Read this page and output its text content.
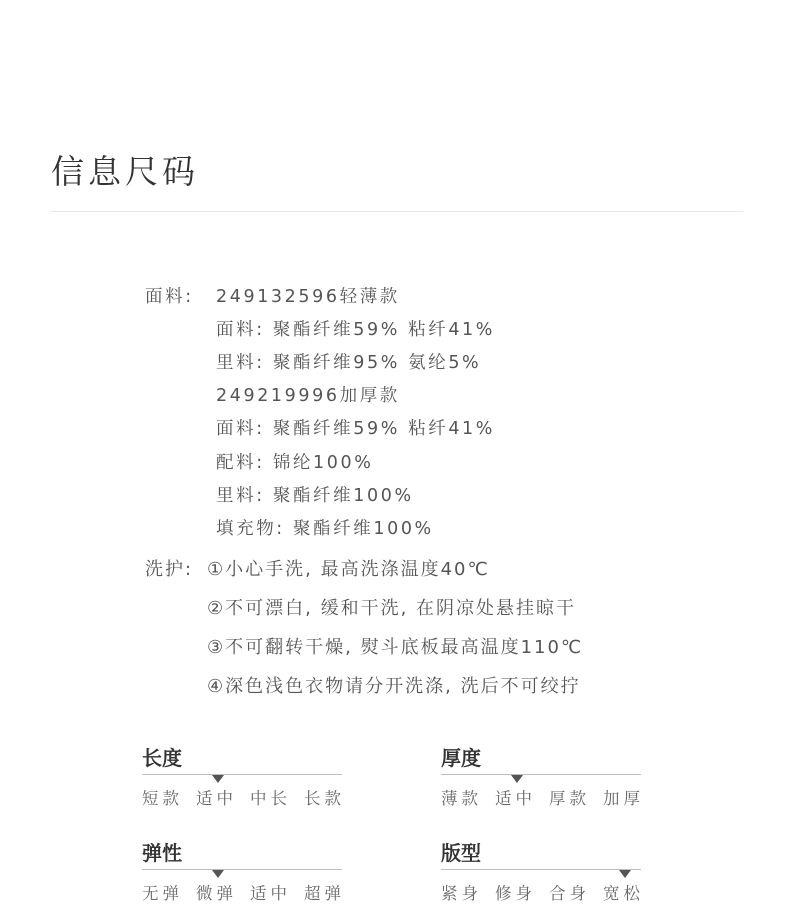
信息尺码
面料: 249132596轻薄款
面料: 聚酯纤维59% 粘纤41%
里料: 聚酯纤维95% 氨纶5%
249219996加厚款
面料: 聚酯纤维59% 粘纤41%
配料: 锦纶100%
里料: 聚酯纤维100%
填充物: 聚酯纤维100%
洗护: ①小心手洗, 最高洗涤温度40℃
②不可漂白, 缓和干洗, 在阴凉处悬挂晾干
③不可翻转干燥, 熨斗底板最高温度110℃
④深色浅色衣物请分开洗涤, 洗后不可绞拧
长度
短款 适中 中长 长款
厚度
薄款 适中 厚款 加厚
弹性
无弹 微弹 适中 超弹
版型
紧身 修身 合身 宽松
